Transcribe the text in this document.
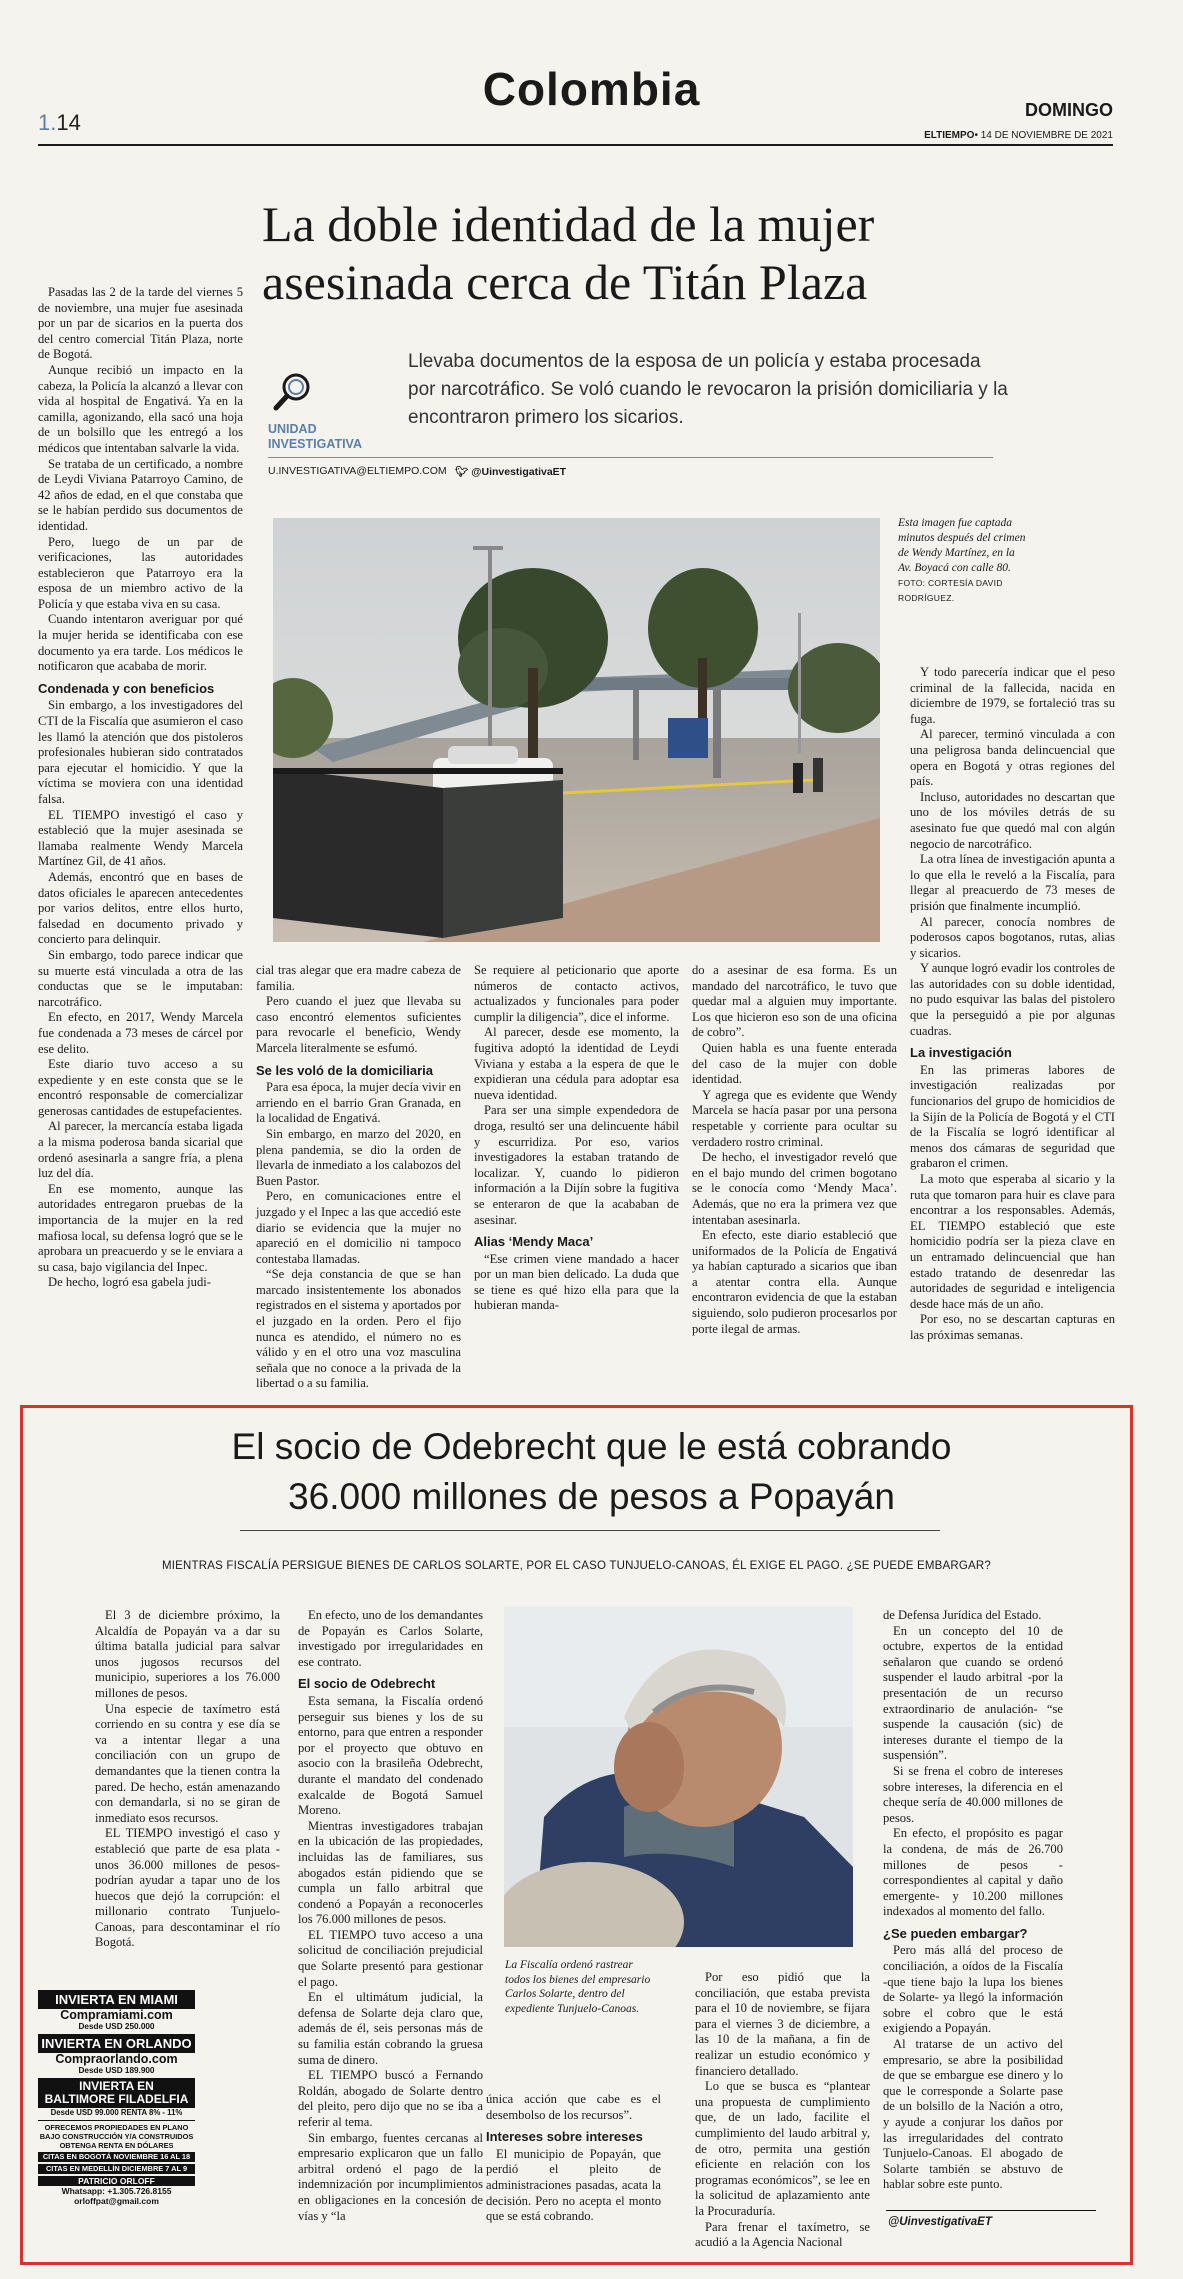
1.14
Colombia	DOMINGO
ELTIEMPO• 14 DE NOVIEMBRE DE 2021
La doble identidad de la mujer
asesinada cerca de Titán Plaza
UNIDAD
INVESTIGATIVA
Llevaba documentos de la esposa de un policía y estaba procesada por narcotráfico. Se voló cuando le revocaron la prisión domiciliaria y la encontraron primero los sicarios.
U.INVESTIGATIVA@ELTIEMPO.COM 🐦︎ @UinvestigativaET
Esta imagen fue captada minutos después del crimen de Wendy Martínez, en la Av. Boyacá con calle 80. FOTO: CORTESÍA DAVID RODRÍGUEZ.

Pasadas las 2 de la tarde del viernes 5 de noviembre, una mujer fue asesinada por un par de sicarios en la puerta dos del centro comercial Titán Plaza, norte de Bogotá.

Aunque recibió un impacto en la cabeza, la Policía la alcanzó a llevar con vida al hospital de Engativá. Ya en la camilla, agonizando, ella sacó una hoja de un bolsillo que les entregó a los médicos que intentaban salvarle la vida.

Se trataba de un certificado, a nombre de Leydi Viviana Patarroyo Camino, de 42 años de edad, en el que constaba que se le habían perdido sus documentos de identidad.

Pero, luego de un par de verificaciones, las autoridades establecieron que Patarroyo era la esposa de un miembro activo de la Policía y que estaba viva en su casa.

Cuando intentaron averiguar por qué la mujer herida se identificaba con ese documento ya era tarde. Los médicos le notificaron que acababa de morir.

Condenada y con beneficios

Sin embargo, a los investigadores del CTI de la Fiscalía que asumieron el caso les llamó la atención que dos pistoleros profesionales hubieran sido contratados para ejecutar el homicidio. Y que la víctima se moviera con una identidad falsa.

EL TIEMPO investigó el caso y estableció que la mujer asesinada se llamaba realmente Wendy Marcela Martínez Gil, de 41 años.

Además, encontró que en bases de datos oficiales le aparecen antecedentes por varios delitos, entre ellos hurto, falsedad en documento privado y concierto para delinquir.

Sin embargo, todo parece indicar que su muerte está vinculada a otra de las conductas que se le imputaban: narcotráfico.

En efecto, en 2017, Wendy Marcela fue condenada a 73 meses de cárcel por ese delito.

Este diario tuvo acceso a su expediente y en este consta que se le encontró responsable de comercializar generosas cantidades de estupefacientes.

Al parecer, la mercancía estaba ligada a la misma poderosa banda sicarial que ordenó asesinarla a sangre fría, a plena luz del día.

En ese momento, aunque las autoridades entregaron pruebas de la importancia de la mujer en la red mafiosa local, su defensa logró que se le aprobara un preacuerdo y se le enviara a su casa, bajo vigilancia del Inpec.

De hecho, logró esa gabela judi-

cial tras alegar que era madre cabeza de familia.

Pero cuando el juez que llevaba su caso encontró elementos suficientes para revocarle el beneficio, Wendy Marcela literalmente se esfumó.

Se les voló de la domiciliaria

Para esa época, la mujer decía vivir en arriendo en el barrio Gran Granada, en la localidad de Engativá.

Sin embargo, en marzo del 2020, en plena pandemia, se dio la orden de llevarla de inmediato a los calabozos del Buen Pastor.

Pero, en comunicaciones entre el juzgado y el Inpec a las que accedió este diario se evidencia que la mujer no apareció en el domicilio ni tampoco contestaba llamadas.

“Se deja constancia de que se han marcado insistentemente los abonados registrados en el sistema y aportados por el juzgado en la orden. Pero el fijo nunca es atendido, el número no es válido y en el otro una voz masculina señala que no conoce a la privada de la libertad o a su familia.

Se requiere al peticionario que aporte números de contacto activos, actualizados y funcionales para poder cumplir la diligencia”, dice el informe.

Al parecer, desde ese momento, la fugitiva adoptó la identidad de Leydi Viviana y estaba a la espera de que le expidieran una cédula para adoptar esa nueva identidad.

Para ser una simple expendedora de droga, resultó ser una delincuente hábil y escurridiza. Por eso, varios investigadores la estaban tratando de localizar. Y, cuando lo pidieron información a la Dijín sobre la fugitiva se enteraron de que la acababan de asesinar.

Alias ‘Mendy Maca’

“Ese crimen viene mandado a hacer por un man bien delicado. La duda que se tiene es qué hizo ella para que la hubieran manda-

do a asesinar de esa forma. Es un mandado del narcotráfico, le tuvo que quedar mal a alguien muy importante. Los que hicieron eso son de una oficina de cobro”.

Quien habla es una fuente enterada del caso de la mujer con doble identidad.

Y agrega que es evidente que Wendy Marcela se hacía pasar por una persona respetable y corriente para ocultar su verdadero rostro criminal.

De hecho, el investigador reveló que en el bajo mundo del crimen bogotano se le conocía como ‘Mendy Maca’. Además, que no era la primera vez que intentaban asesinarla.

En efecto, este diario estableció que uniformados de la Policía de Engativá ya habían capturado a sicarios que iban a atentar contra ella. Aunque encontraron evidencia de que la estaban siguiendo, solo pudieron procesarlos por porte ilegal de armas.

Y todo parecería indicar que el peso criminal de la fallecida, nacida en diciembre de 1979, se fortaleció tras su fuga.

Al parecer, terminó vinculada a con una peligrosa banda delincuencial que opera en Bogotá y otras regiones del país.

Incluso, autoridades no descartan que uno de los móviles detrás de su asesinato fue que quedó mal con algún negocio de narcotráfico.

La otra línea de investigación apunta a lo que ella le reveló a la Fiscalía, para llegar al preacuerdo de 73 meses de prisión que finalmente incumplió.

Al parecer, conocía nombres de poderosos capos bogotanos, rutas, alias y sicarios.

Y aunque logró evadir los controles de las autoridades con su doble identidad, no pudo esquivar las balas del pistolero que la perseguidó a pie por algunas cuadras.

La investigación

En las primeras labores de investigación realizadas por funcionarios del grupo de homicidios de la Sijín de la Policía de Bogotá y el CTI de la Fiscalía se logró identificar al menos dos cámaras de seguridad que grabaron el crimen.

La moto que esperaba al sicario y la ruta que tomaron para huir es clave para encontrar a los responsables. Además, EL TIEMPO estableció que este homicidio podría ser la pieza clave en un entramado delincuencial que han estado tratando de desenredar las autoridades de seguridad e inteligencia desde hace más de un año.

Por eso, no se descartan capturas en las próximas semanas.

El socio de Odebrecht que le está cobrando
36.000 millones de pesos a Popayán
MIENTRAS FISCALÍA PERSIGUE BIENES DE CARLOS SOLARTE, POR EL CASO TUNJUELO-CANOAS, ÉL EXIGE EL PAGO. ¿SE PUEDE EMBARGAR?

El 3 de diciembre próximo, la Alcaldía de Popayán va a dar su última batalla judicial para salvar unos jugosos recursos del municipio, superiores a los 76.000 millones de pesos.

Una especie de taxímetro está corriendo en su contra y ese día se va a intentar llegar a una conciliación con un grupo de demandantes que la tienen contra la pared. De hecho, están amenazando con demandarla, si no se giran de inmediato esos recursos.

EL TIEMPO investigó el caso y estableció que parte de esa plata -unos 36.000 millones de pesos- podrían ayudar a tapar uno de los huecos que dejó la corrupción: el millonario contrato Tunjuelo-Canoas, para descontaminar el río Bogotá.

En efecto, uno de los demandantes de Popayán es Carlos Solarte, investigado por irregularidades en ese contrato.

El socio de Odebrecht

Esta semana, la Fiscalía ordenó perseguir sus bienes y los de su entorno, para que entren a responder por el proyecto que obtuvo en asocio con la brasileña Odebrecht, durante el mandato del condenado exalcalde de Bogotá Samuel Moreno.

Mientras investigadores trabajan en la ubicación de las propiedades, incluidas las de familiares, sus abogados están pidiendo que se cumpla un fallo arbitral que condenó a Popayán a reconocerles los 76.000 millones de pesos.

EL TIEMPO tuvo acceso a una solicitud de conciliación prejudicial que Solarte presentó para gestionar el pago.

En el ultimátum judicial, la defensa de Solarte deja claro que, además de él, seis personas más de su familia están cobrando la gruesa suma de dinero.

EL TIEMPO buscó a Fernando Roldán, abogado de Solarte dentro del pleito, pero dijo que no se iba a referir al tema.

Sin embargo, fuentes cercanas al empresario explicaron que un fallo arbitral ordenó el pago de la indemnización por incumplimientos en obligaciones en la concesión de vías y “la

única acción que cabe es el desembolso de los recursos”.

Intereses sobre intereses

El municipio de Popayán, que perdió el pleito de administraciones pasadas, acata la decisión. Pero no acepta el monto que se está cobrando.

Por eso pidió que la conciliación, que estaba prevista para el 10 de noviembre, se fijara para el viernes 3 de diciembre, a las 10 de la mañana, a fin de realizar un estudio económico y financiero detallado.

Lo que se busca es “plantear una propuesta de cumplimiento que, de un lado, facilite el cumplimiento del laudo arbitral y, de otro, permita una gestión eficiente en relación con los programas económicos”, se lee en la solicitud de aplazamiento ante la Procuraduría.

Para frenar el taxímetro, se acudió a la Agencia Nacional

de Defensa Jurídica del Estado.

En un concepto del 10 de octubre, expertos de la entidad señalaron que cuando se ordenó suspender el laudo arbitral -por la presentación de un recurso extraordinario de anulación- “se suspende la causación (sic) de intereses durante el tiempo de la suspensión”.

Si se frena el cobro de intereses sobre intereses, la diferencia en el cheque sería de 40.000 millones de pesos.

En efecto, el propósito es pagar la condena, de más de 26.700 millones de pesos -correspondientes al capital y daño emergente- y 10.200 millones indexados al momento del fallo.

¿Se pueden embargar?

Pero más allá del proceso de conciliación, a oídos de la Fiscalía -que tiene bajo la lupa los bienes de Solarte- ya llegó la información sobre el cobro que le está exigiendo a Popayán.

Al tratarse de un activo del empresario, se abre la posibilidad de que se embargue ese dinero y lo que le corresponde a Solarte pase de un bolsillo de la Nación a otro, y ayude a conjurar los daños por las irregularidades del contrato Tunjuelo-Canoas. El abogado de Solarte también se abstuvo de hablar sobre este punto.

La Fiscalía ordenó rastrear todos los bienes del empresario Carlos Solarte, dentro del expediente Tunjuelo-Canoas.
INVIERTA EN MIAMI
Compramiami.com
Desde USD 250.000
INVIERTA EN ORLANDO
Compraorlando.com
Desde USD 189.900
INVIERTA EN
BALTIMORE FILADELFIA
Desde USD 99.000 RENTA 8% - 11%
OFRECEMOS PROPIEDADES EN PLANO
BAJO CONSTRUCCIÓN Y/A CONSTRUIDOS
OBTENGA RENTA EN DÓLARES
CITAS EN BOGOTÁ NOVIEMBRE 16 AL 18
CITAS EN MEDELLÍN DICIEMBRE 7 AL 9
PATRICIO ORLOFF
Whatsapp: +1.305.726.8155
orloffpat@gmail.com
@UinvestigativaET
